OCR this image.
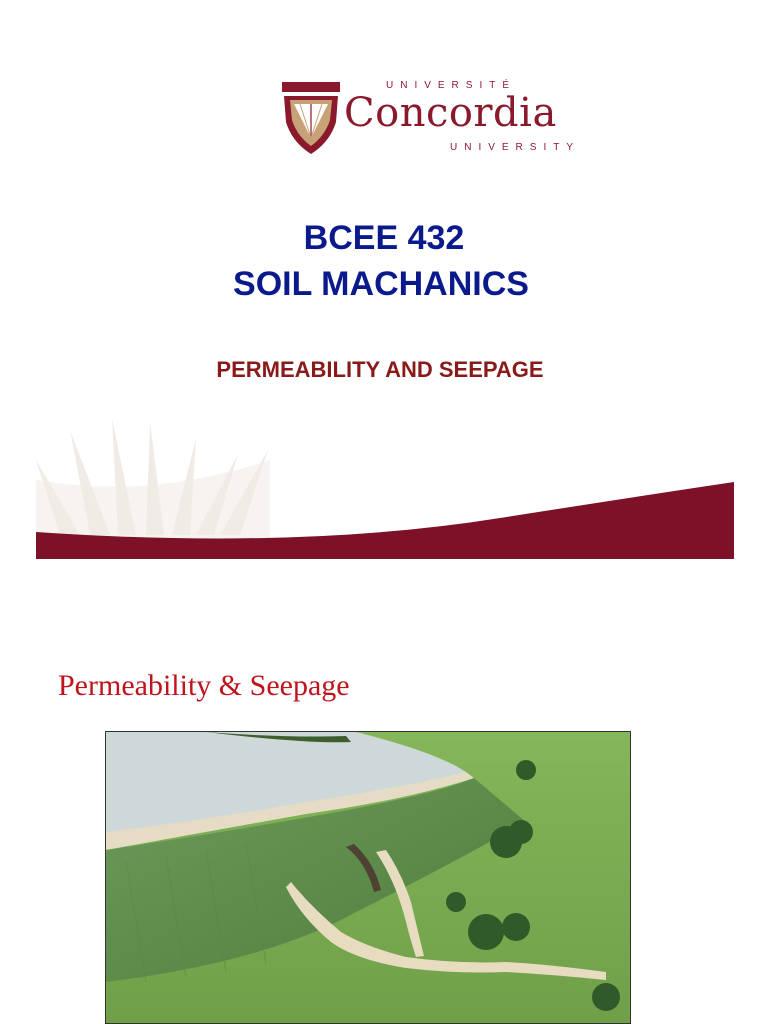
UNIVERSITÉ
Concordia
UNIVERSITY
BCEE 432
SOIL MACHANICS
PERMEABILITY AND SEEPAGE
Permeability & Seepage
